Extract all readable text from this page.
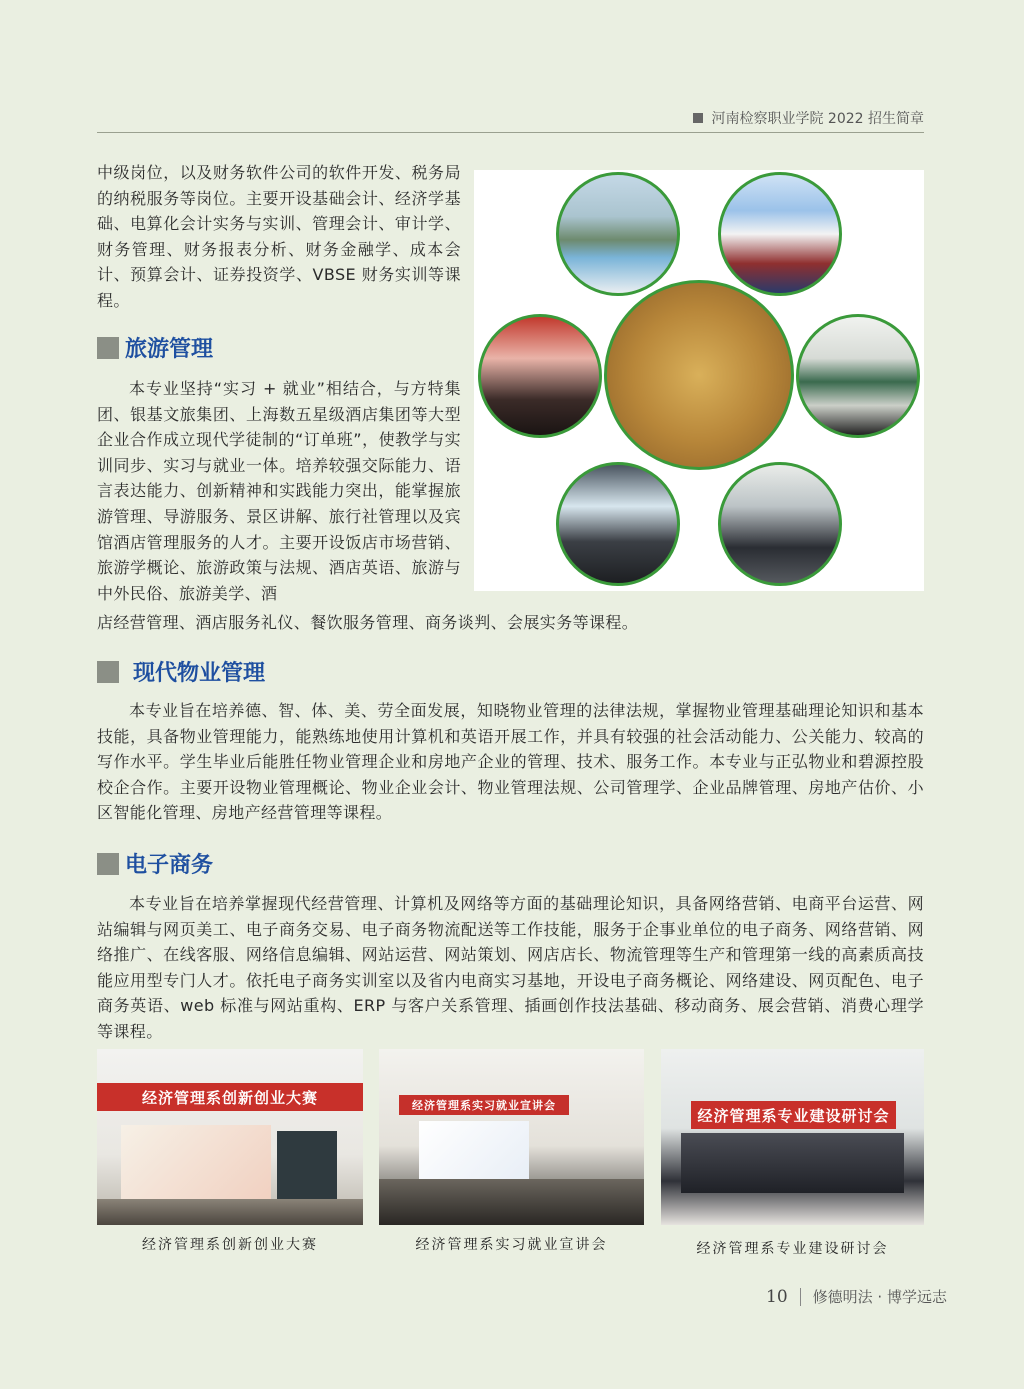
河南检察职业学院 2022 招生简章

中级岗位，以及财务软件公司的软件开发、税务局的纳税服务等岗位。主要开设基础会计、经济学基础、电算化会计实务与实训、管理会计、审计学、财务管理、财务报表分析、财务金融学、成本会计、预算会计、证券投资学、VBSE 财务实训等课程。

旅游管理

本专业坚持“实习 + 就业”相结合，与方特集团、银基文旅集团、上海数五星级酒店集团等大型企业合作成立现代学徒制的“订单班”，使教学与实训同步、实习与就业一体。培养较强交际能力、语言表达能力、创新精神和实践能力突出，能掌握旅游管理、导游服务、景区讲解、旅行社管理以及宾馆酒店管理服务的人才。主要开设饭店市场营销、旅游学概论、旅游政策与法规、酒店英语、旅游与中外民俗、旅游美学、酒

店经营管理、酒店服务礼仪、餐饮服务管理、商务谈判、会展实务等课程。

现代物业管理

本专业旨在培养德、智、体、美、劳全面发展，知晓物业管理的法律法规，掌握物业管理基础理论知识和基本技能，具备物业管理能力，能熟练地使用计算机和英语开展工作，并具有较强的社会活动能力、公关能力、较高的写作水平。学生毕业后能胜任物业管理企业和房地产企业的管理、技术、服务工作。本专业与正弘物业和碧源控股校企合作。主要开设物业管理概论、物业企业会计、物业管理法规、公司管理学、企业品牌管理、房地产估价、小区智能化管理、房地产经营管理等课程。

电子商务

本专业旨在培养掌握现代经营管理、计算机及网络等方面的基础理论知识，具备网络营销、电商平台运营、网站编辑与网页美工、电子商务交易、电子商务物流配送等工作技能，服务于企事业单位的电子商务、网络营销、网络推广、在线客服、网络信息编辑、网站运营、网站策划、网店店长、物流管理等生产和管理第一线的高素质高技能应用型专门人才。依托电子商务实训室以及省内电商实习基地，开设电子商务概论、网络建设、网页配色、电子商务英语、web 标准与网站重构、ERP 与客户关系管理、插画创作技法基础、移动商务、展会营销、消费心理学等课程。

经济管理系创新创业大赛
经济管理系创新创业大赛
经济管理系实习就业宣讲会
经济管理系实习就业宣讲会
经济管理系专业建设研讨会
经济管理系专业建设研讨会
10 修德明法 · 博学远志
